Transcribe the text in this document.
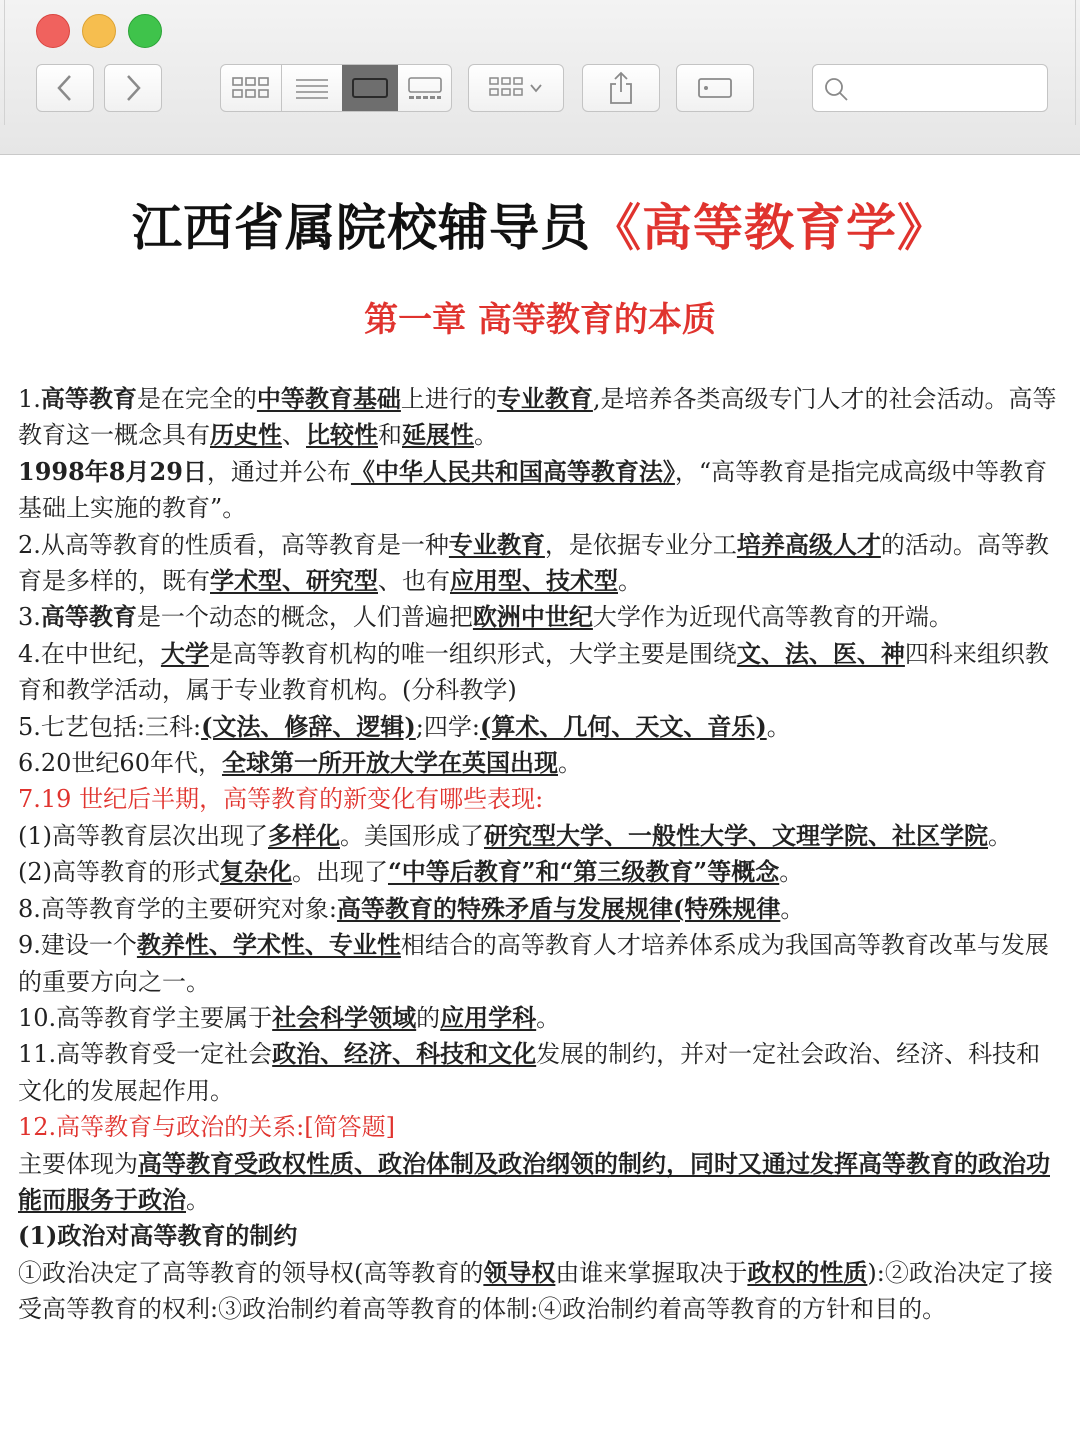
江西省属院校辅导员《高等教育学》
第一章 高等教育的本质

1.高等教育是在完全的中等教育基础上进行的专业教育,是培养各类高级专门人才的社会活动。高等教育这一概念具有历史性、比较性和延展性。

1998年8月29日，通过并公布《中华人民共和国高等教育法》，“高等教育是指完成高级中等教育基础上实施的教育”。

2.从高等教育的性质看，高等教育是一种专业教育，是依据专业分工培养高级人才的活动。高等教育是多样的，既有学术型、研究型、也有应用型、技术型。

3.高等教育是一个动态的概念，人们普遍把欧洲中世纪大学作为近现代高等教育的开端。

4.在中世纪，大学是高等教育机构的唯一组织形式，大学主要是围绕文、法、医、神四科来组织教育和教学活动，属于专业教育机构。(分科教学)

5.七艺包括:三科:(文法、修辞、逻辑);四学:(算术、几何、天文、音乐)。

6.20世纪60年代，全球第一所开放大学在英国出现。

7.19 世纪后半期，高等教育的新变化有哪些表现:

(1)高等教育层次出现了多样化。美国形成了研究型大学、一般性大学、文理学院、社区学院。

(2)高等教育的形式复杂化。出现了“中等后教育”和“第三级教育”等概念。

8.高等教育学的主要研究对象:高等教育的特殊矛盾与发展规律(特殊规律。

9.建设一个教养性、学术性、专业性相结合的高等教育人才培养体系成为我国高等教育改革与发展的重要方向之一。

10.高等教育学主要属于社会科学领域的应用学科。

11.高等教育受一定社会政治、经济、科技和文化发展的制约，并对一定社会政治、经济、科技和文化的发展起作用。

12.高等教育与政治的关系:[简答题]

主要体现为高等教育受政权性质、政治体制及政治纲领的制约，同时又通过发挥高等教育的政治功能而服务于政治。

(1)政治对高等教育的制约

①政治决定了高等教育的领导权(高等教育的领导权由谁来掌握取决于政权的性质):②政治决定了接受高等教育的权利:③政治制约着高等教育的体制:④政治制约着高等教育的方针和目的。
